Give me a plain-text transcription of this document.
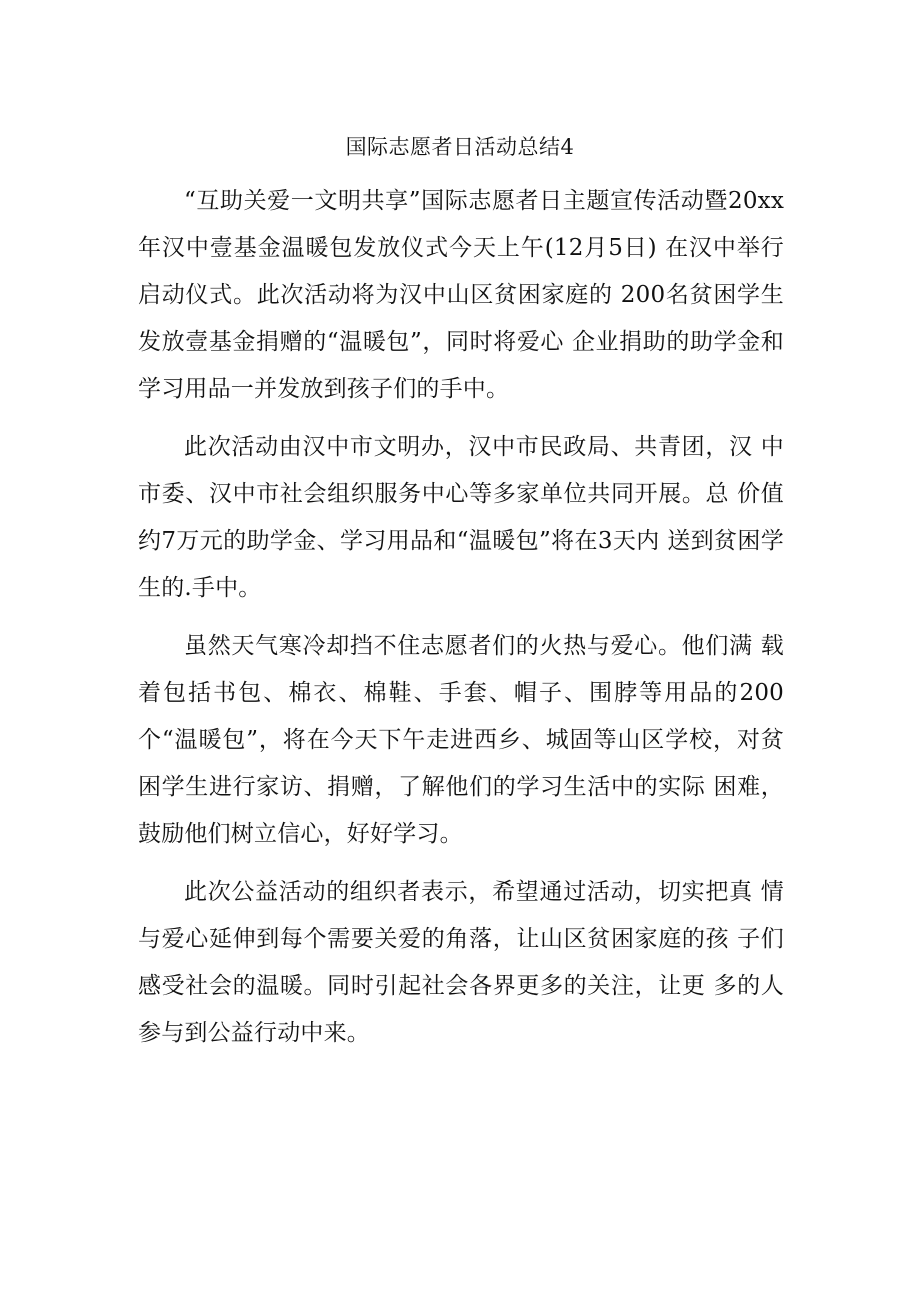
国际志愿者日活动总结4

“互助关爱一文明共享”国际志愿者日主题宣传活动暨20xx年汉中壹基金温暖包发放仪式今天上午(12月5日) 在汉中举行启动仪式。此次活动将为汉中山区贫困家庭的 200名贫困学生发放壹基金捐赠的“温暖包”，同时将爱心 企业捐助的助学金和学习用品一并发放到孩子们的手中。

此次活动由汉中市文明办，汉中市民政局、共青团，汉 中市委、汉中市社会组织服务中心等多家单位共同开展。总 价值约7万元的助学金、学习用品和“温暖包”将在3天内 送到贫困学生的.手中。

虽然天气寒冷却挡不住志愿者们的火热与爱心。他们满 载着包括书包、棉衣、棉鞋、手套、帽子、围脖等用品的200 个“温暖包”，将在今天下午走进西乡、城固等山区学校，对贫困学生进行家访、捐赠，了解他们的学习生活中的实际 困难，鼓励他们树立信心，好好学习。

此次公益活动的组织者表示，希望通过活动，切实把真 情与爱心延伸到每个需要关爱的角落，让山区贫困家庭的孩 子们感受社会的温暖。同时引起社会各界更多的关注，让更 多的人参与到公益行动中来。
